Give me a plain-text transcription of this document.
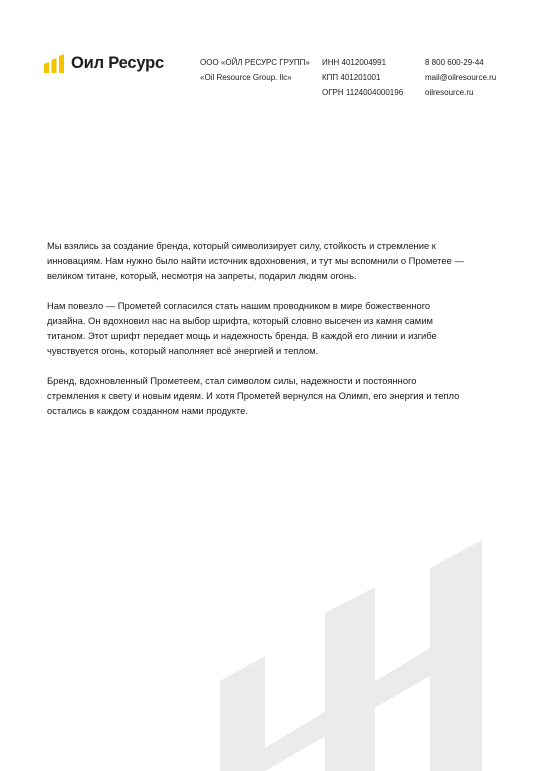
Оил Ресурс	ООО «ОЙЛ РЕСУРС ГРУПП»
«Oil Resource Group. llc»
ИНН 4012004991
КПП 401201001
ОГРН 1124004000196
8 800 600-29-44
mail@oilresource.ru
oilresource.ru

Мы взялись за создание бренда, который символизирует силу, стойкость и стремление к
инновациям. Нам нужно было найти источник вдохновения, и тут мы вспомнили о Прометее —
великом титане, который, несмотря на запреты, подарил людям огонь.

Нам повезло — Прометей согласился стать нашим проводником в мире божественного
дизайна. Он вдохновил нас на выбор шрифта, который словно высечен из камня самим
титаном. Этот шрифт передает мощь и надежность бренда. В каждой его линии и изгибе
чувствуется огонь, который наполняет всё энергией и теплом.

Бренд, вдохновленный Прометеем, стал символом силы, надежности и постоянного
стремления к свету и новым идеям. И хотя Прометей вернулся на Олимп, его энергия и тепло
остались в каждом созданном нами продукте.
